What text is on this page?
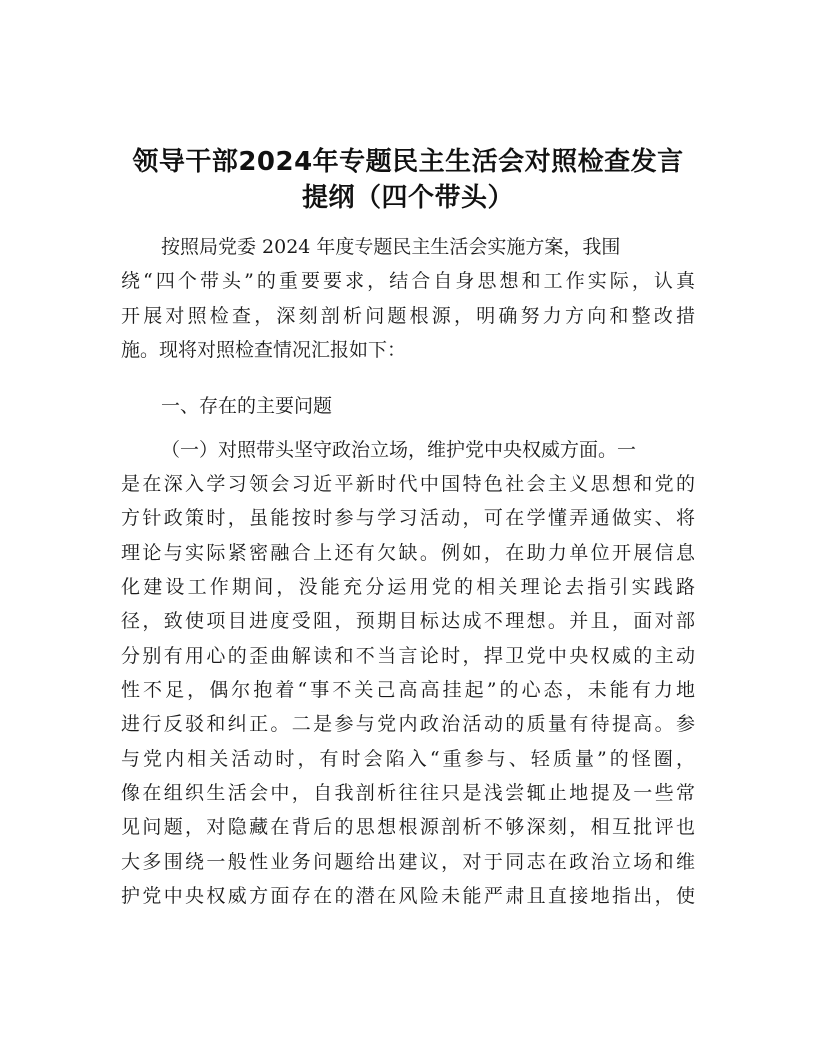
领导干部2024年专题民主生活会对照检查发言
提纲（四个带头）
按照局党委 2024 年度专题民主生活会实施方案，我围
绕“四个带头”的重要要求，结合自身思想和工作实际，认真
开展对照检查，深刻剖析问题根源，明确努力方向和整改措
施。现将对照检查情况汇报如下：
一、存在的主要问题
（一）对照带头坚守政治立场，维护党中央权威方面。一
是在深入学习领会习近平新时代中国特色社会主义思想和党的
方针政策时，虽能按时参与学习活动，可在学懂弄通做实、将
理论与实际紧密融合上还有欠缺。例如，在助力单位开展信息
化建设工作期间，没能充分运用党的相关理论去指引实践路
径，致使项目进度受阻，预期目标达成不理想。并且，面对部
分别有用心的歪曲解读和不当言论时，捍卫党中央权威的主动
性不足，偶尔抱着“事不关己高高挂起”的心态，未能有力地
进行反驳和纠正。二是参与党内政治活动的质量有待提高。参
与党内相关活动时，有时会陷入“重参与、轻质量”的怪圈，
像在组织生活会中，自我剖析往往只是浅尝辄止地提及一些常
见问题，对隐藏在背后的思想根源剖析不够深刻，相互批评也
大多围绕一般性业务问题给出建议，对于同志在政治立场和维
护党中央权威方面存在的潜在风险未能严肃且直接地指出，使
